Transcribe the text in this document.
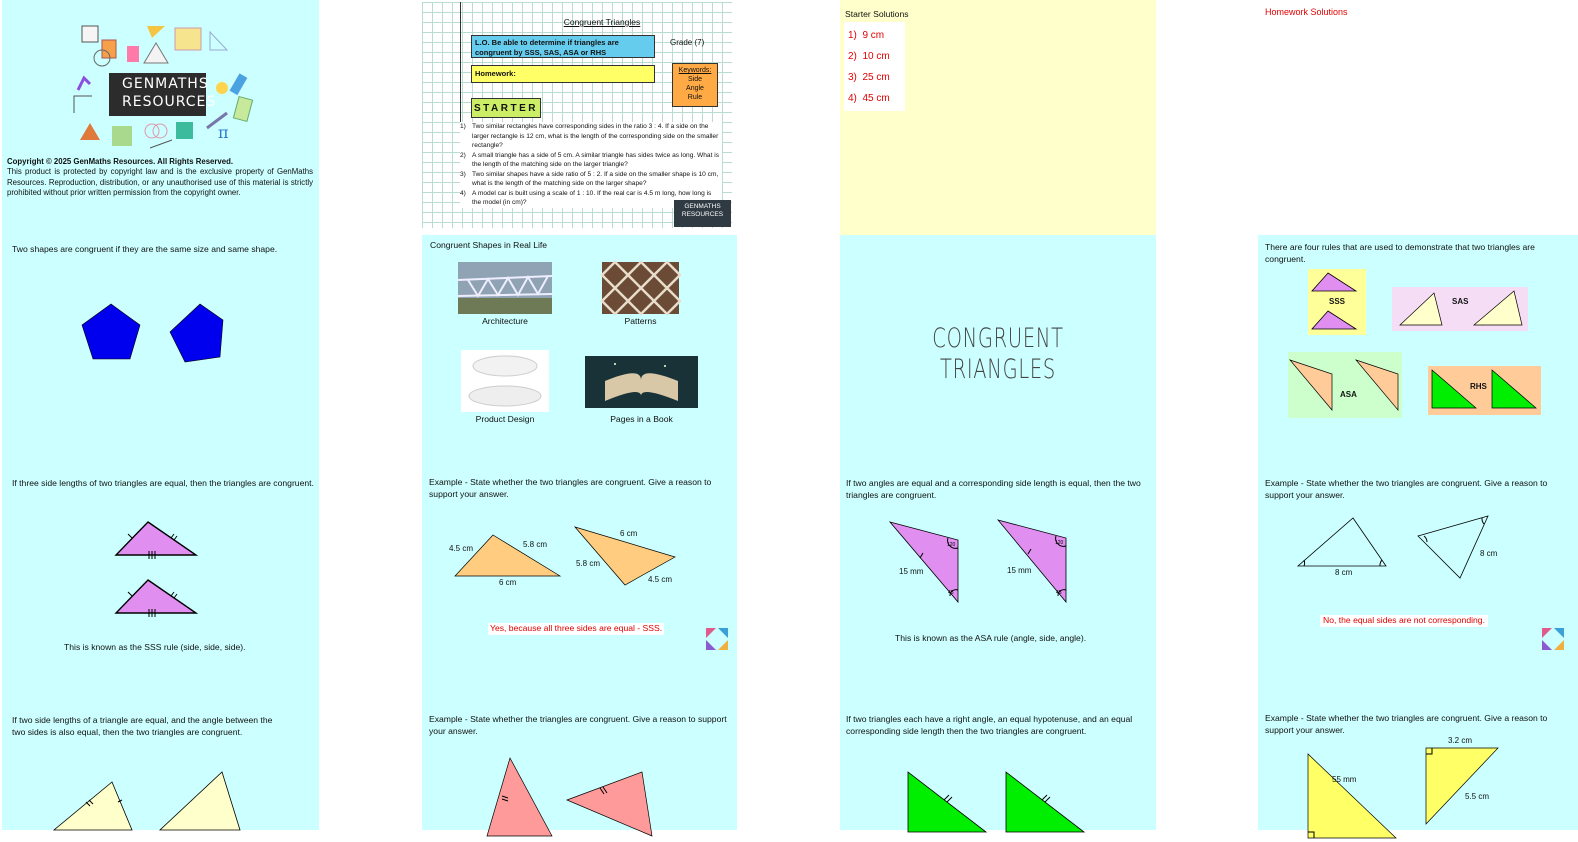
π
GENMATHS
RESOURCES
Copyright © 2025 GenMaths Resources. All Rights Reserved.
This product is protected by copyright law and is the exclusive property of GenMaths Resources. Reproduction, distribution, or any unauthorised use of this material is strictly prohibited without prior written permission from the copyright owner.
Two shapes are congruent if they are the same size and same shape.
If three side lengths of two triangles are equal, then the triangles are congruent.
This is known as the SSS rule (side, side, side).
If two side lengths of a triangle are equal, and the angle between the two sides is also equal, then the two triangles are congruent.
Congruent Triangles
L.O. Be able to determine if triangles are congruent by SSS, SAS, ASA or RHS
Grade (7)
Homework:	Keywords:
Side
Angle
Rule
STARTER
1) Two similar rectangles have corresponding sides in the ratio 3 : 4. If a side on the larger rectangle is 12 cm, what is the length of the corresponding side on the smaller rectangle?
2) A small triangle has a side of 5 cm. A similar triangle has sides twice as long. What is the length of the matching side on the larger triangle?
3) Two similar shapes have a side ratio of 5 : 2. If a side on the smaller shape is 10 cm, what is the length of the matching side on the larger shape?
4) A model car is built using a scale of 1 : 10. If the real car is 4.5 m long, how long is the model (in cm)?
GENMATHS
RESOURCES
Congruent Shapes in Real Life
Architecture	Patterns
Product Design	Pages in a Book
Example - State whether the two triangles are congruent. Give a reason to support your answer.
4.5 cm	5.8 cm
6 cm
6 cm
5.8 cm
4.5 cm
Yes, because all three sides are equal - SSS.
Example - State whether the triangles are congruent. Give a reason to support your answer.
Starter Solutions
1) 9 cm
2) 10 cm
3) 25 cm
4) 45 cm
CONGRUENT TRIANGLES
If two angles are equal and a corresponding side length is equal, then the two triangles are congruent.
120
45
120
45
15 mm	15 mm
This is known as the ASA rule (angle, side, angle).
If two triangles each have a right angle, an equal hypotenuse, and an equal corresponding side length then the two triangles are congruent.
Homework Solutions
There are four rules that are used to demonstrate that two triangles are congruent.
SSS	SAS
ASA
RHS
Example - State whether the two triangles are congruent. Give a reason to support your answer.
8 cm
8 cm
No, the equal sides are not corresponding.
Example - State whether the two triangles are congruent. Give a reason to support your answer.
3.2 cm
55 mm
5.5 cm
